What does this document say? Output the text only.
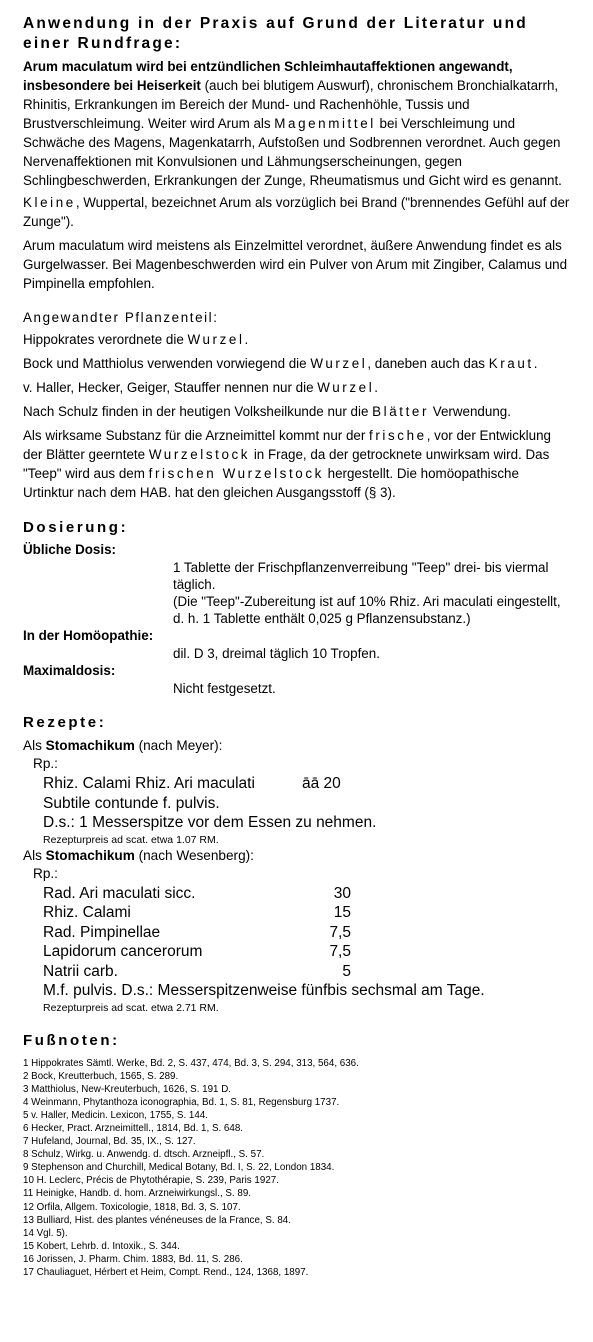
Anwendung in der Praxis auf Grund der Literatur und einer Rundfrage:

Arum maculatum wird bei entzündlichen Schleimhautaffektionen angewandt, insbesondere bei Heiserkeit (auch bei blutigem Auswurf), chronischem Bronchialkatarrh, Rhinitis, Erkrankungen im Bereich der Mund- und Rachenhöhle, Tussis und Brustverschleimung. Weiter wird Arum als Magenmittel bei Verschleimung und Schwäche des Magens, Magenkatarrh, Aufstoßen und Sodbrennen verordnet. Auch gegen Nervenaffektionen mit Konvulsionen und Lähmungserscheinungen, gegen Schlingbeschwerden, Erkrankungen der Zunge, Rheumatismus und Gicht wird es genannt.

Kleine, Wuppertal, bezeichnet Arum als vorzüglich bei Brand ("brennendes Gefühl auf der Zunge").

Arum maculatum wird meistens als Einzelmittel verordnet, äußere Anwendung findet es als Gurgelwasser. Bei Magenbeschwerden wird ein Pulver von Arum mit Zingiber, Calamus und Pimpinella empfohlen.

Angewandter Pflanzenteil:

Hippokrates verordnete die Wurzel.

Bock und Matthiolus verwenden vorwiegend die Wurzel, daneben auch das Kraut.

v. Haller, Hecker, Geiger, Stauffer nennen nur die Wurzel.

Nach Schulz finden in der heutigen Volksheilkunde nur die Blätter Verwendung.

Als wirksame Substanz für die Arzneimittel kommt nur der frische, vor der Entwicklung der Blätter geerntete Wurzelstock in Frage, da der getrocknete unwirksam wird. Das "Teep" wird aus dem frischen Wurzelstock hergestellt. Die homöopathische Urtinktur nach dem HAB. hat den gleichen Ausgangsstoff (§ 3).

Dosierung:
Übliche Dosis:
1 Tablette der Frischpflanzenverreibung "Teep" drei- bis viermal täglich.
(Die "Teep"-Zubereitung ist auf 10% Rhiz. Ari maculati eingestellt, d. h. 1 Tablette enthält 0,025 g Pflanzensubstanz.)
In der Homöopathie:
dil. D 3, dreimal täglich 10 Tropfen.
Maximaldosis:
Nicht festgesetzt.
Rezepte:
Als Stomachikum (nach Meyer):
Rp.:
Rhiz. Calami Rhiz. Ari maculati	āā 20
Subtile contunde f. pulvis.
D.s.: 1 Messerspitze vor dem Essen zu nehmen.
Rezepturpreis ad scat. etwa 1.07 RM.
Als Stomachikum (nach Wesenberg):
Rp.:
Rad. Ari maculati sicc.	30
Rhiz. Calami	15
Rad. Pimpinellae	7,5
Lapidorum cancerorum	7,5
Natrii carb.	5
M.f. pulvis. D.s.: Messerspitzenweise fünfbis sechsmal am Tage.
Rezepturpreis ad scat. etwa 2.71 RM.
Fußnoten:

1 Hippokrates Sämtl. Werke, Bd. 2, S. 437, 474, Bd. 3, S. 294, 313, 564, 636.

2 Bock, Kreutterbuch, 1565, S. 289.

3 Matthiolus, New-Kreuterbuch, 1626, S. 191 D.

4 Weinmann, Phytanthoza iconographia, Bd. 1, S. 81, Regensburg 1737.

5 v. Haller, Medicin. Lexicon, 1755, S. 144.

6 Hecker, Pract. Arzneimittell., 1814, Bd. 1, S. 648.

7 Hufeland, Journal, Bd. 35, IX., S. 127.

8 Schulz, Wirkg. u. Anwendg. d. dtsch. Arzneipfl., S. 57.

9 Stephenson and Churchill, Medical Botany, Bd. I, S. 22, London 1834.

10 H. Leclerc, Précis de Phytothérapie, S. 239, Paris 1927.

11 Heinigke, Handb. d. hom. Arzneiwirkungsl., S. 89.

12 Orfila, Allgem. Toxicologie, 1818, Bd. 3, S. 107.

13 Bulliard, Hist. des plantes vénéneuses de la France, S. 84.

14 Vgl. 5).

15 Kobert, Lehrb. d. Intoxik., S. 344.

16 Jorissen, J. Pharm. Chim. 1883, Bd. 11, S. 286.

17 Chauliaguet, Hérbert et Heim, Compt. Rend., 124, 1368, 1897.
